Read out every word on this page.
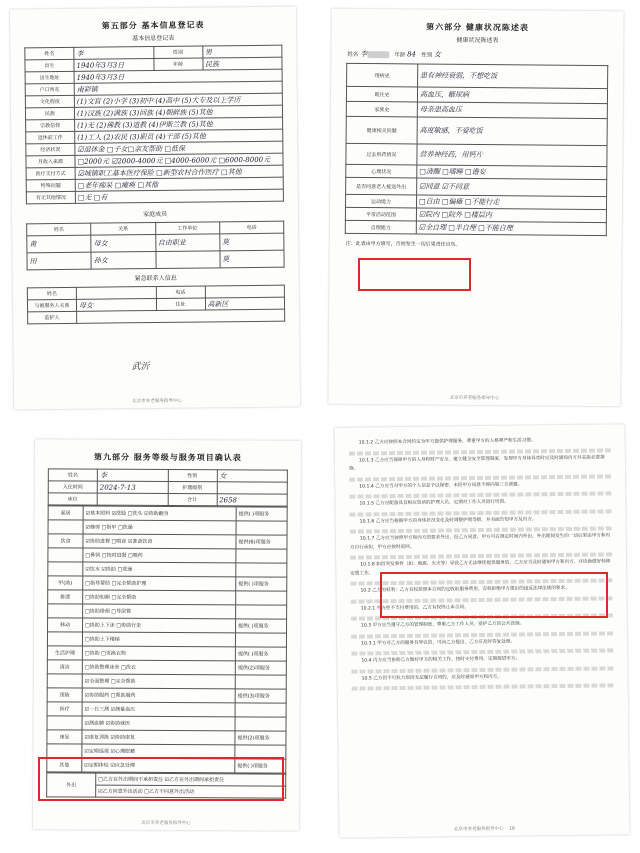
第五部分 基本信息登记表
基本信息登记表
姓名	李	性别	男
出生	1940年3月3日	年龄	民族
出生地址	1940年3月3日		
户口所在	南彩镇		
文化程度	(1)文盲 (2)小学 (3)初中 (4)高中 (5)大专及以上学历		
民族	(1)汉族 (2)满族 (3)回族 (4)朝鲜族 (5)其他		
宗教信仰	(1)无 (2)佛教 (3)道教 (4)伊斯兰教 (5)其他		
退休前工作	(1)工人 (2)农民 (3)职员 (4)干部 (5)其他		
经济状况	☑退休金 □子女□亲友帮助 □低保		
月收入来源	□2000元 ☑2000-4000元 □4000-6000元 □6000-8000元		
医疗支付方式	☑城镇职工基本医疗保险 □新型农村合作医疗 □其他		
特殊问题	□老年痴呆 □瘫痪 □其他		
有无其他情况	□无 □有		
家庭成员
姓名	关系	工作单位	电话
黄	母女	自由职业	莫
田	孙女		莫
紧急联系人信息
姓名		电话	
与被服务人关系	母女	住址	高新区
监护人			
武沂
北京市养老服务指导中心
第六部分 健康状况陈述表
健康状况陈述表
姓名 李	年龄 84 性别 女
现病史	患有神经衰弱，不想吃饭
既往史	高血压，糖尿病
家族史	母亲患高血压
健康相关问题	高度敏感，不爱吃饭
过去用药情况	营养神经药，用钙片
心理状况	□清醒 □嗜睡 □谵妄
是否同意老人接送外出	☑同意 ☑不同意
运动能力	□自由 □偏瘫 □不能行走
平常活动范围	☑院内 □院外 □楼层内
自理能力	☑全自理 □半自理 □不能自理
注：此表由甲方填写，否则发生一切后果责任自负。
北京市养老服务指导中心
第九部分 服务等级与服务项目确认表
姓名	李	性别	女
入住时间	2024-7-13	护理级别	
床位		合计	2658
起居	☑基本照料 ☑洗脸 □洗头 ☑协助翻身	提供( )项服务
	☑修剪 □指甲 □洗澡	
饮食	☑协助进餐 □喂食 ☑准备饮食	提供(6)项服务
	□鼻饲 □按时进餐 □喂药	
	☑饮水 ☑协助 □洗澡	
甲(助)	□指导帮助 □完全帮助护理	提供( )项服务
排泄	□协助如厕 □完全帮助	
	□协助排便 □导尿管	
移动	□协助上下床 □协助行走	提供( )项服务
	□协助上下楼梯	
生活护理	□协助 □更换衣物	提供( )项服务
清洁	□协助整理床单 □洗衣	提供(2)项服务
	☑全面整理 □完全帮助	
预防	☑协助服药 □帮助服药	提供(3)项服务
医疗	☑一日三测 ☑测量血压	
	☑测血糖 ☑协助就医	
康复	☑康复训练 ☑协助康复	提供(2)项服务
	☑定期巡视 ☑心理慰藉	
其他	☑定期体检 ☑应急处理	提供( )项服务
外出	□乙方在外出期间不承担责任 ☑乙方在外出期间承担责任
☑乙方同意外出活动 □乙方不同意外出活动
北京市养老服务指导中心
10.1.2 乙方应按照本合同约定为甲方提供护理服务，尊重甲方的人格尊严和生活习惯。
10.1.3 乙方应当保障甲方的人身和财产安全，建立健全安全管理制度，发现甲方身体异常时应及时通知丙方并采取必要措施。
10.1.4 乙方应当对甲方的个人信息予以保密，未经甲方同意不得向第三方泄露。
10.1.5 乙方应配备具有相应资质的护理人员，定期对工作人员进行培训。
10.1.6 乙方应当根据甲方的身体状况变化及时调整护理等级，并书面告知甲方及丙方。
10.1.7 乙方应当按照甲方和丙方的要求外出，经乙方同意，甲方可在规定时间内外出，外出期间发生的一切后果由甲方和丙方自行承担，甲方应按时返回。
10.1.8 如因突发事件（如：地震、火灾等）导致乙方无法继续提供服务的，乙方应当及时通知甲方和丙方，并协助做好转移安置工作。
10.2 乙方的权利：乙方有权按照本合同约定收取服务费用，有权拒绝甲方提出的违反法律法规的要求。
10.2.1 甲方拒不支付费用的，乙方有权终止本合同。
10.3 甲方应当遵守乙方的管理制度，尊重乙方工作人员，爱护乙方的公共设施。
10.3.1 甲方对乙方的服务有异议的，可向乙方提出，乙方应及时答复处理。
10.4 丙方应当协助乙方做好甲方的相关工作，按时支付费用，定期探望甲方。
10.5 乙方因不可抗力原因无法履行合同的，应及时通知甲方和丙方。
北京市养老服务指导中心 16
